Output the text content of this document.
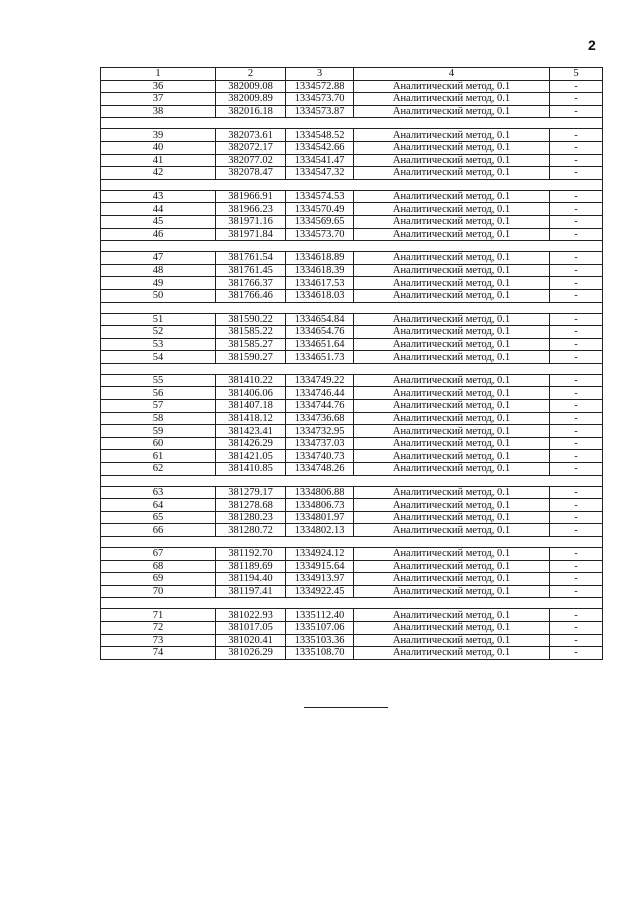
2
1	2	3	4	5
36	382009.08	1334572.88	Аналитический метод, 0.1	-
37	382009.89	1334573.70	Аналитический метод, 0.1	-
38	382016.18	1334573.87	Аналитический метод, 0.1	-

39	382073.61	1334548.52	Аналитический метод, 0.1	-
40	382072.17	1334542.66	Аналитический метод, 0.1	-
41	382077.02	1334541.47	Аналитический метод, 0.1	-
42	382078.47	1334547.32	Аналитический метод, 0.1	-

43	381966.91	1334574.53	Аналитический метод, 0.1	-
44	381966.23	1334570.49	Аналитический метод, 0.1	-
45	381971.16	1334569.65	Аналитический метод, 0.1	-
46	381971.84	1334573.70	Аналитический метод, 0.1	-

47	381761.54	1334618.89	Аналитический метод, 0.1	-
48	381761.45	1334618.39	Аналитический метод, 0.1	-
49	381766.37	1334617.53	Аналитический метод, 0.1	-
50	381766.46	1334618.03	Аналитический метод, 0.1	-

51	381590.22	1334654.84	Аналитический метод, 0.1	-
52	381585.22	1334654.76	Аналитический метод, 0.1	-
53	381585.27	1334651.64	Аналитический метод, 0.1	-
54	381590.27	1334651.73	Аналитический метод, 0.1	-

55	381410.22	1334749.22	Аналитический метод, 0.1	-
56	381406.06	1334746.44	Аналитический метод, 0.1	-
57	381407.18	1334744.76	Аналитический метод, 0.1	-
58	381418.12	1334736.68	Аналитический метод, 0.1	-
59	381423.41	1334732.95	Аналитический метод, 0.1	-
60	381426.29	1334737.03	Аналитический метод, 0.1	-
61	381421.05	1334740.73	Аналитический метод, 0.1	-
62	381410.85	1334748.26	Аналитический метод, 0.1	-

63	381279.17	1334806.88	Аналитический метод, 0.1	-
64	381278.68	1334806.73	Аналитический метод, 0.1	-
65	381280.23	1334801.97	Аналитический метод, 0.1	-
66	381280.72	1334802.13	Аналитический метод, 0.1	-

67	381192.70	1334924.12	Аналитический метод, 0.1	-
68	381189.69	1334915.64	Аналитический метод, 0.1	-
69	381194.40	1334913.97	Аналитический метод, 0.1	-
70	381197.41	1334922.45	Аналитический метод, 0.1	-

71	381022.93	1335112.40	Аналитический метод, 0.1	-
72	381017.05	1335107.06	Аналитический метод, 0.1	-
73	381020.41	1335103.36	Аналитический метод, 0.1	-
74	381026.29	1335108.70	Аналитический метод, 0.1	-
